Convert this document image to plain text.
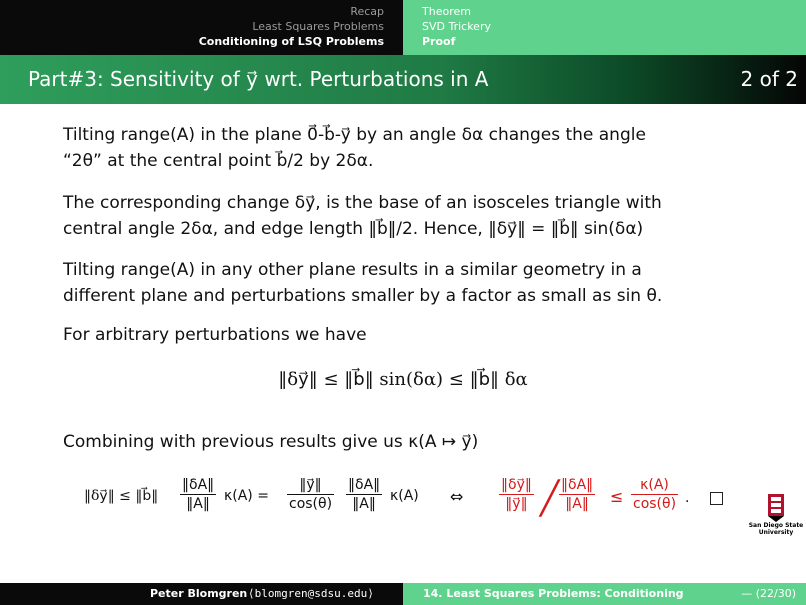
Recap
Least Squares Problems
Conditioning of LSQ Problems
Theorem
SVD Trickery
Proof
Part#3: Sensitivity of y⃗ wrt. Perturbations in A	2 of 2
Tilting range(A) in the plane 0⃗-b⃗-y⃗ by an angle δα changes the angle
“2θ” at the central point b⃗/2 by 2δα.
The corresponding change δy⃗, is the base of an isosceles triangle with
central angle 2δα, and edge length ‖b⃗‖/2. Hence, ‖δy⃗‖ = ‖b⃗‖ sin(δα)
Tilting range(A) in any other plane results in a similar geometry in a
different plane and perturbations smaller by a factor as small as sin θ.
For arbitrary perturbations we have
‖δy⃗‖ ≤ ‖b⃗‖ sin(δα) ≤ ‖b⃗‖ δα
Combining with previous results give us κ(A ↦ y⃗)
‖δy⃗‖ ≤ ‖b⃗‖ $\frac{‖\delta A‖}{‖A‖} \kappa(A) = \frac{‖y⃗‖}{\cos(\theta)} \frac{‖\delta A‖}{‖A‖} \kappa(A)$ ⇔	$\frac{‖\delta y⃗‖}{‖y⃗‖}$ ╱ $\frac{‖\delta A‖}{‖A‖} \le \frac{\kappa(A)}{\cos(\theta)}$ .
San Diego State
University
Peter Blomgren ⟨blomgren@sdsu.edu⟩	14. Least Squares Problems: Conditioning	— (22/30)
